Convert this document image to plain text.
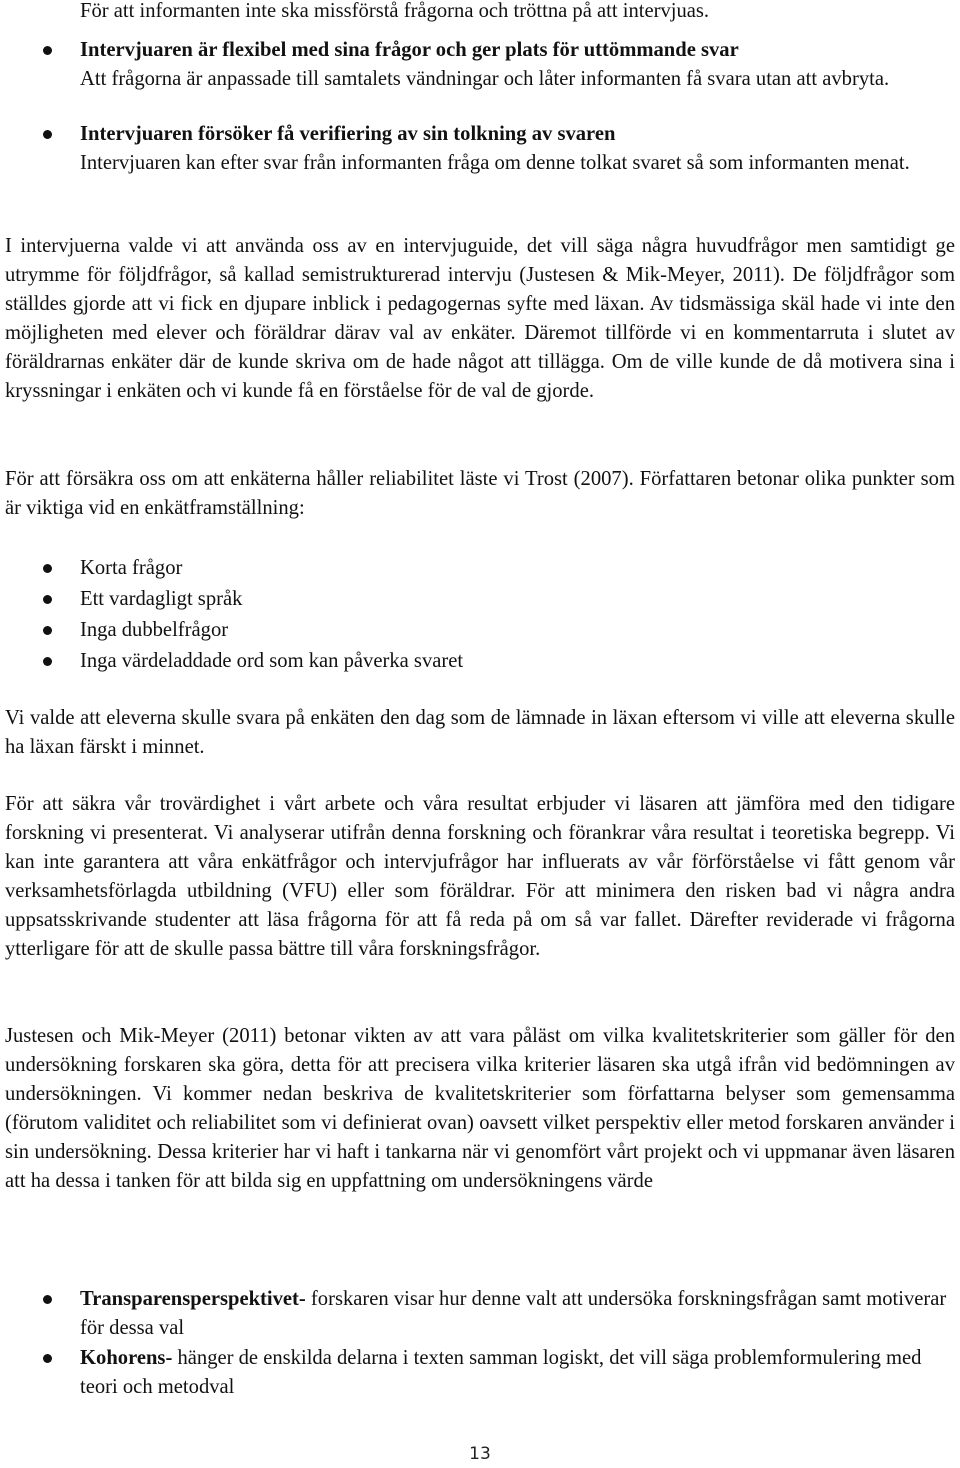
För att informanten inte ska missförstå frågorna och tröttna på att intervjuas.

Intervjuaren är flexibel med sina frågor och ger plats för uttömmande svar
Att frågorna är anpassade till samtalets vändningar och låter informanten få svara utan att avbryta.
Intervjuaren försöker få verifiering av sin tolkning av svaren
Intervjuaren kan efter svar från informanten fråga om denne tolkat svaret så som informanten menat.

I intervjuerna valde vi att använda oss av en intervjuguide, det vill säga några huvudfrågor men samtidigt ge utrymme för följdfrågor, så kallad semistrukturerad intervju (Justesen & Mik-Meyer, 2011). De följdfrågor som ställdes gjorde att vi fick en djupare inblick i pedagogernas syfte med läxan. Av tidsmässiga skäl hade vi inte den möjligheten med elever och föräldrar därav val av enkäter. Däremot tillförde vi en kommentarruta i slutet av föräldrarnas enkäter där de kunde skriva om de hade något att tillägga. Om de ville kunde de då motivera sina i kryssningar i enkäten och vi kunde få en förståelse för de val de gjorde.

För att försäkra oss om att enkäterna håller reliabilitet läste vi Trost (2007). Författaren betonar olika punkter som är viktiga vid en enkätframställning:

Korta frågor
Ett vardagligt språk
Inga dubbelfrågor
Inga värdeladdade ord som kan påverka svaret

Vi valde att eleverna skulle svara på enkäten den dag som de lämnade in läxan eftersom vi ville att eleverna skulle ha läxan färskt i minnet.

För att säkra vår trovärdighet i vårt arbete och våra resultat erbjuder vi läsaren att jämföra med den tidigare forskning vi presenterat. Vi analyserar utifrån denna forskning och förankrar våra resultat i teoretiska begrepp. Vi kan inte garantera att våra enkätfrågor och intervjufrågor har influerats av vår förförståelse vi fått genom vår verksamhetsförlagda utbildning (VFU) eller som föräldrar. För att minimera den risken bad vi några andra uppsatsskrivande studenter att läsa frågorna för att få reda på om så var fallet. Därefter reviderade vi frågorna ytterligare för att de skulle passa bättre till våra forskningsfrågor.

Justesen och Mik-Meyer (2011) betonar vikten av att vara påläst om vilka kvalitetskriterier som gäller för den undersökning forskaren ska göra, detta för att precisera vilka kriterier läsaren ska utgå ifrån vid bedömningen av undersökningen. Vi kommer nedan beskriva de kvalitetskriterier som författarna belyser som gemensamma (förutom validitet och reliabilitet som vi definierat ovan) oavsett vilket perspektiv eller metod forskaren använder i sin undersökning. Dessa kriterier har vi haft i tankarna när vi genomfört vårt projekt och vi uppmanar även läsaren att ha dessa i tanken för att bilda sig en uppfattning om undersökningens värde

Transparensperspektivet- forskaren visar hur denne valt att undersöka forskningsfrågan samt motiverar för dessa val
Kohorens- hänger de enskilda delarna i texten samman logiskt, det vill säga problemformulering med teori och metodval
13
